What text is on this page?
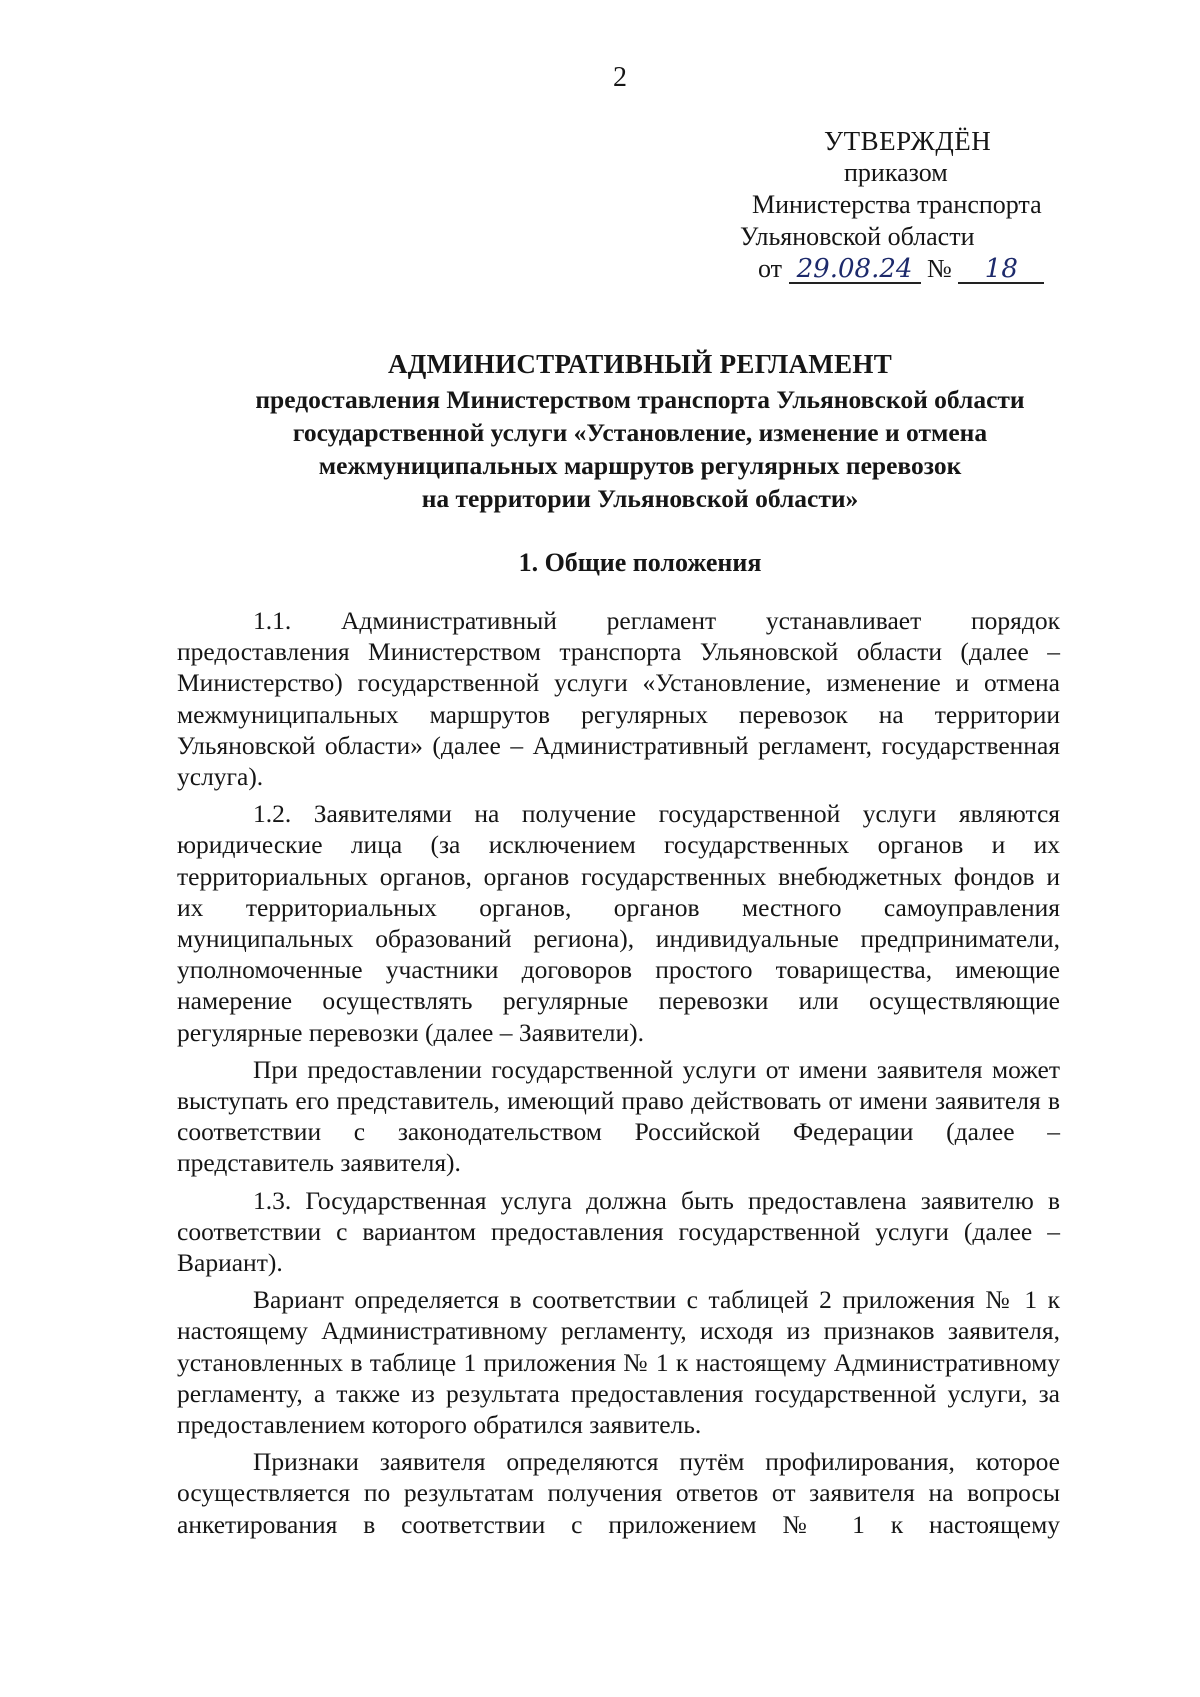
2
УТВЕРЖДЁН
приказом
Министерства транспорта
Ульяновской области
от 29.08.24 № 18
АДМИНИСТРАТИВНЫЙ РЕГЛАМЕНТ
предоставления Министерством транспорта Ульяновской области
государственной услуги «Установление, изменение и отмена
межмуниципальных маршрутов регулярных перевозок
на территории Ульяновской области»
1. Общие положения

1.1. Административный регламент устанавливает порядок предоставления Министерством транспорта Ульяновской области (далее – Министерство) государственной услуги «Установление, изменение и отмена межмуниципальных маршрутов регулярных перевозок на территории Ульяновской области» (далее – Административный регламент, государственная услуга).

1.2. Заявителями на получение государственной услуги являются юридические лица (за исключением государственных органов и их территориальных органов, органов государственных внебюджетных фондов и их территориальных органов, органов местного самоуправления муниципальных образований региона), индивидуальные предприниматели, уполномоченные участники договоров простого товарищества, имеющие намерение осуществлять регулярные перевозки или осуществляющие регулярные перевозки (далее – Заявители).

При предоставлении государственной услуги от имени заявителя может выступать его представитель, имеющий право действовать от имени заявителя в соответствии с законодательством Российской Федерации (далее – представитель заявителя).

1.3. Государственная услуга должна быть предоставлена заявителю в соответствии с вариантом предоставления государственной услуги (далее – Вариант).

Вариант определяется в соответствии с таблицей 2 приложения № 1 к настоящему Административному регламенту, исходя из признаков заявителя, установленных в таблице 1 приложения № 1 к настоящему Административному регламенту, а также из результата предоставления государственной услуги, за предоставлением которого обратился заявитель.

Признаки заявителя определяются путём профилирования, которое осуществляется по результатам получения ответов от заявителя на вопросы анкетирования в соответствии с приложением № 1 к настоящему
